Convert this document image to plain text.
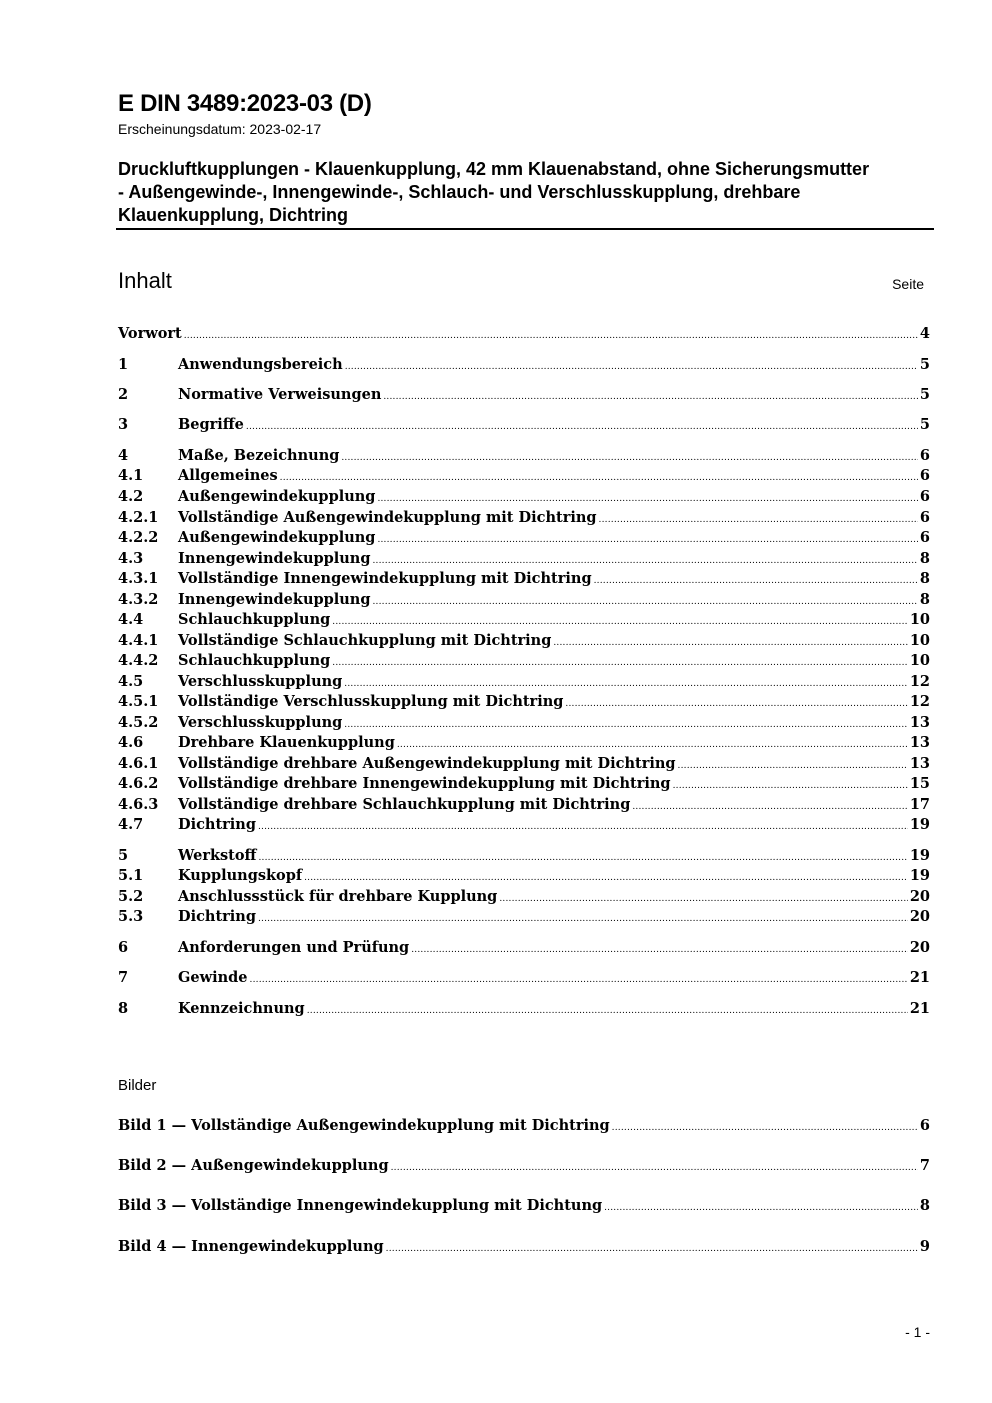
E DIN 3489:2023-03 (D)
Erscheinungsdatum: 2023-02-17
Druckluftkupplungen - Klauenkupplung, 42 mm Klauenabstand, ohne Sicherungsmutter - Außengewinde-, Innengewinde-, Schlauch- und Verschlusskupplung, drehbare Klauenkupplung, Dichtring
Inhalt	Seite
Vorwort .....	4
1	Anwendungsbereich .....	5
2	Normative Verweisungen .....	5
3	Begriffe .....	5
4	Maße, Bezeichnung .....	6
4.1	Allgemeines .....	6
4.2	Außengewindekupplung .....	6
4.2.1	Vollständige Außengewindekupplung mit Dichtring .....	6
4.2.2	Außengewindekupplung .....	6
4.3	Innengewindekupplung .....	8
4.3.1	Vollständige Innengewindekupplung mit Dichtring .....	8
4.3.2	Innengewindekupplung .....	8
4.4	Schlauchkupplung .....	10
4.4.1	Vollständige Schlauchkupplung mit Dichtring .....	10
4.4.2	Schlauchkupplung .....	10
4.5	Verschlusskupplung .....	12
4.5.1	Vollständige Verschlusskupplung mit Dichtring .....	12
4.5.2	Verschlusskupplung .....	13
4.6	Drehbare Klauenkupplung .....	13
4.6.1	Vollständige drehbare Außengewindekupplung mit Dichtring .....	13
4.6.2	Vollständige drehbare Innengewindekupplung mit Dichtring .....	15
4.6.3	Vollständige drehbare Schlauchkupplung mit Dichtring .....	17
4.7	Dichtring .....	19
5	Werkstoff .....	19
5.1	Kupplungskopf .....	19
5.2	Anschlussstück für drehbare Kupplung .....	20
5.3	Dichtring .....	20
6	Anforderungen und Prüfung .....	20
7	Gewinde .....	21
8	Kennzeichnung .....	21
Bilder
Bild 1 — Vollständige Außengewindekupplung mit Dichtring .....	6
Bild 2 — Außengewindekupplung .....	7
Bild 3 — Vollständige Innengewindekupplung mit Dichtung .....	8
Bild 4 — Innengewindekupplung .....	9
- 1 -
